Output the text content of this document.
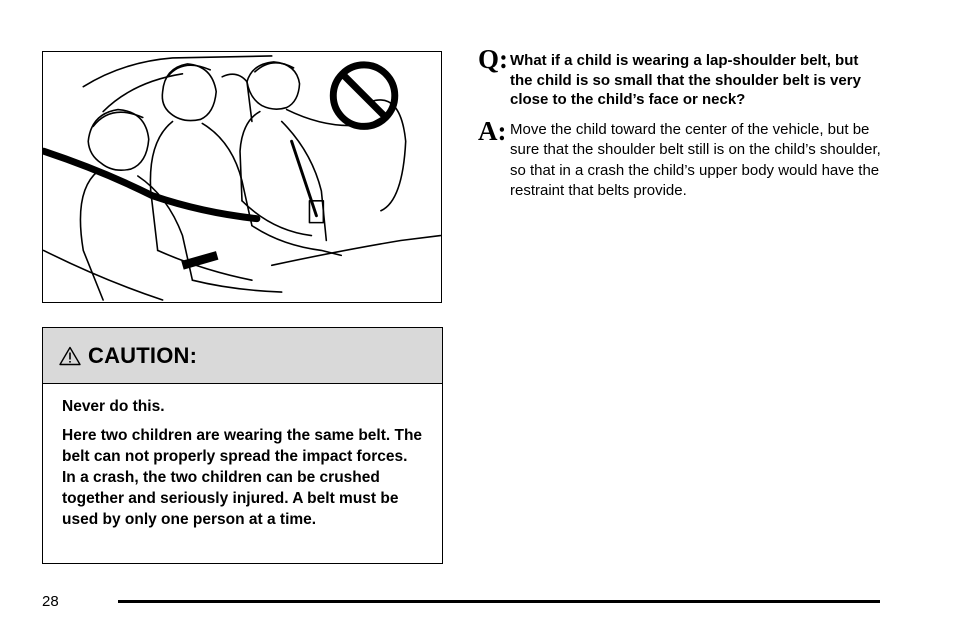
CAUTION:

Never do this.

Here two children are wearing the same belt. The belt can not properly spread the impact forces. In a crash, the two children can be crushed together and seriously injured. A belt must be used by only one person at a time.

Q: What if a child is wearing a lap-shoulder belt, but the child is so small that the shoulder belt is very close to the child’s face or neck?
A: Move the child toward the center of the vehicle, but be sure that the shoulder belt still is on the child’s shoulder, so that in a crash the child’s upper body would have the restraint that belts provide.
28
